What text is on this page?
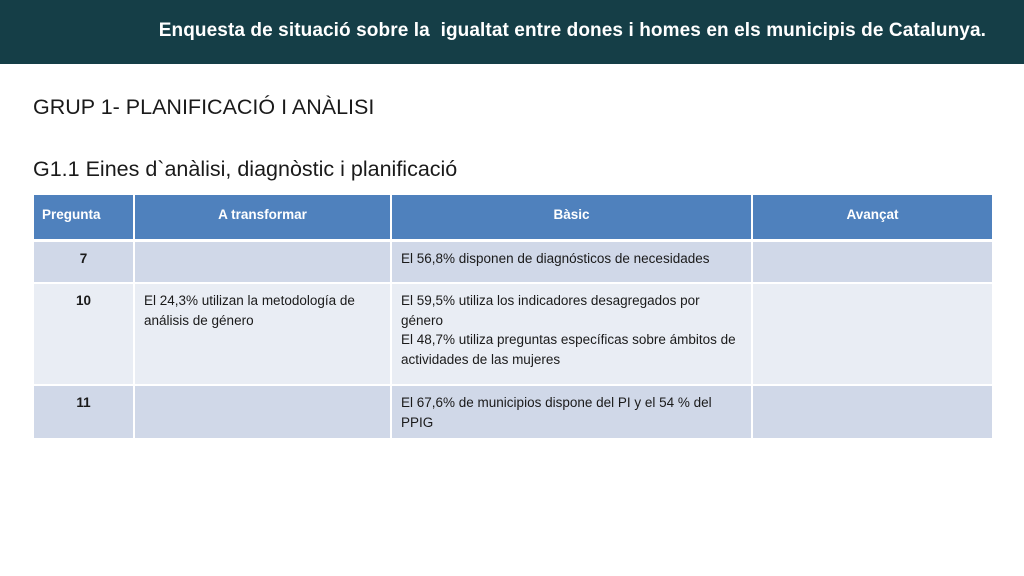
Enquesta de situació sobre la  igualtat entre dones i homes en els municipis de Catalunya.
GRUP 1- PLANIFICACIÓ I ANÀLISI
G1.1 Eines d`anàlisi, diagnòstic i planificació
Pregunta	A transformar	Bàsic	Avançat
7		El 56,8% disponen de diagnósticos de necesidades	

10	El 24,3% utilizan la metodología de análisis de género	El 59,5% utiliza los indicadores desagregados por género
El 48,7% utiliza preguntas específicas sobre ámbitos de actividades de las mujeres	

11		El 67,6% de municipios dispone del PI y el 54 % del PPIG	
